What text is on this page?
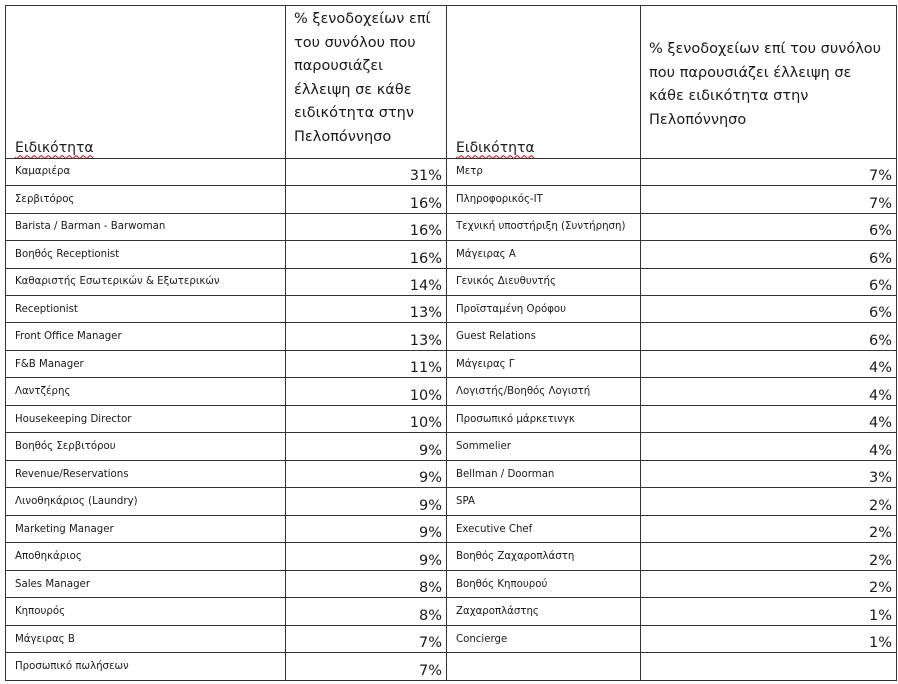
Ειδικότητα	% ξενοδοχείων επί του συνόλου που παρουσιάζει έλλειψη σε κάθε ειδικότητα στην Πελοπόννησο	Ειδικότητα	% ξενοδοχείων επί του συνόλου που παρουσιάζει έλλειψη σε κάθε ειδικότητα στην Πελοπόννησο
Καμαριέρα	31%	Μετρ	7%
Σερβιτόρος	16%	Πληροφορικός-IT	7%
Barista / Barman - Barwoman	16%	Τεχνική υποστήριξη (Συντήρηση)	6%
Βοηθός Receptionist	16%	Μάγειρας Α	6%
Καθαριστής Εσωτερικών & Εξωτερικών	14%	Γενικός Διευθυντής	6%
Receptionist	13%	Προϊσταμένη Ορόφου	6%
Front Office Manager	13%	Guest Relations	6%
F&B Manager	11%	Μάγειρας Γ	4%
Λαντζέρης	10%	Λογιστής/Βοηθός Λογιστή	4%
Housekeeping Director	10%	Προσωπικό μάρκετινγκ	4%
Βοηθός Σερβιτόρου	9%	Sommelier	4%
Revenue/Reservations	9%	Bellman / Doorman	3%
Λινοθηκάριος (Laundry)	9%	SPA	2%
Marketing Manager	9%	Executive Chef	2%
Αποθηκάριος	9%	Βοηθός Ζαχαροπλάστη	2%
Sales Manager	8%	Βοηθός Κηπουρού	2%
Κηπουρός	8%	Ζαχαροπλάστης	1%
Μάγειρας Β	7%	Concierge	1%
Προσωπικό πωλήσεων	7%		
